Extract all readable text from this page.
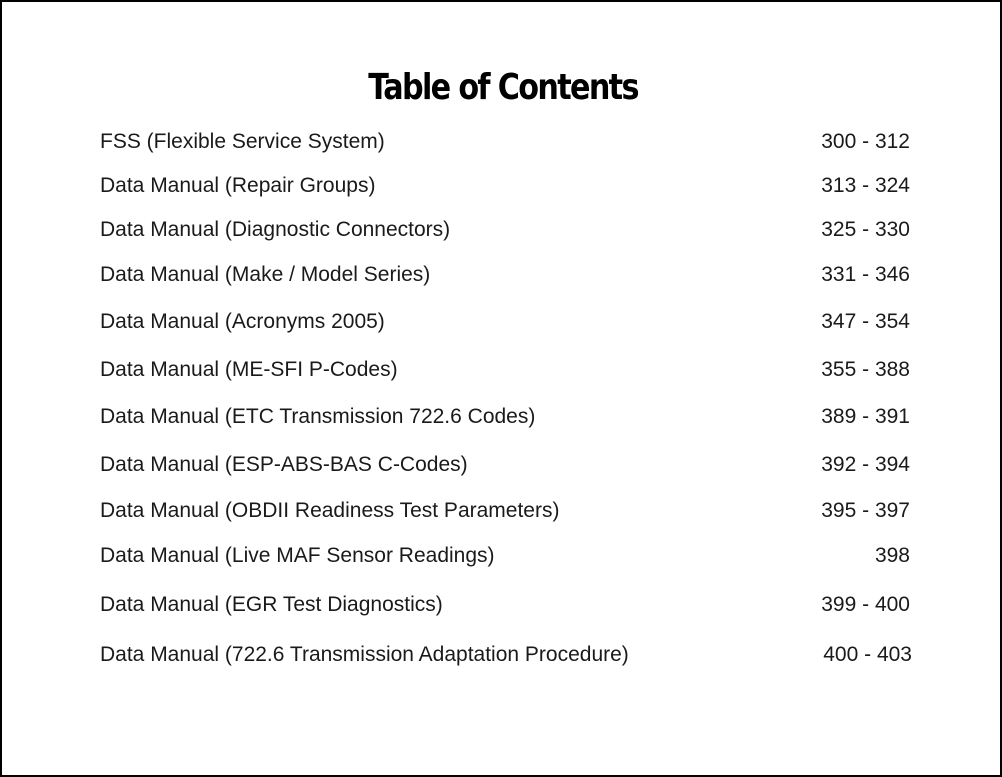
Table of Contents
FSS (Flexible Service System)	300 - 312
Data Manual (Repair Groups)	313 - 324
Data Manual (Diagnostic Connectors)	325 - 330
Data Manual (Make / Model Series)	331 - 346
Data Manual (Acronyms 2005)	347 - 354
Data Manual (ME-SFI P-Codes)	355 - 388
Data Manual (ETC Transmission 722.6 Codes)	389 - 391
Data Manual (ESP-ABS-BAS C-Codes)	392 - 394
Data Manual (OBDII Readiness Test Parameters)	395 - 397
Data Manual (Live MAF Sensor Readings)	398
Data Manual (EGR Test Diagnostics)	399 - 400
Data Manual (722.6 Transmission Adaptation Procedure)	400 - 403
